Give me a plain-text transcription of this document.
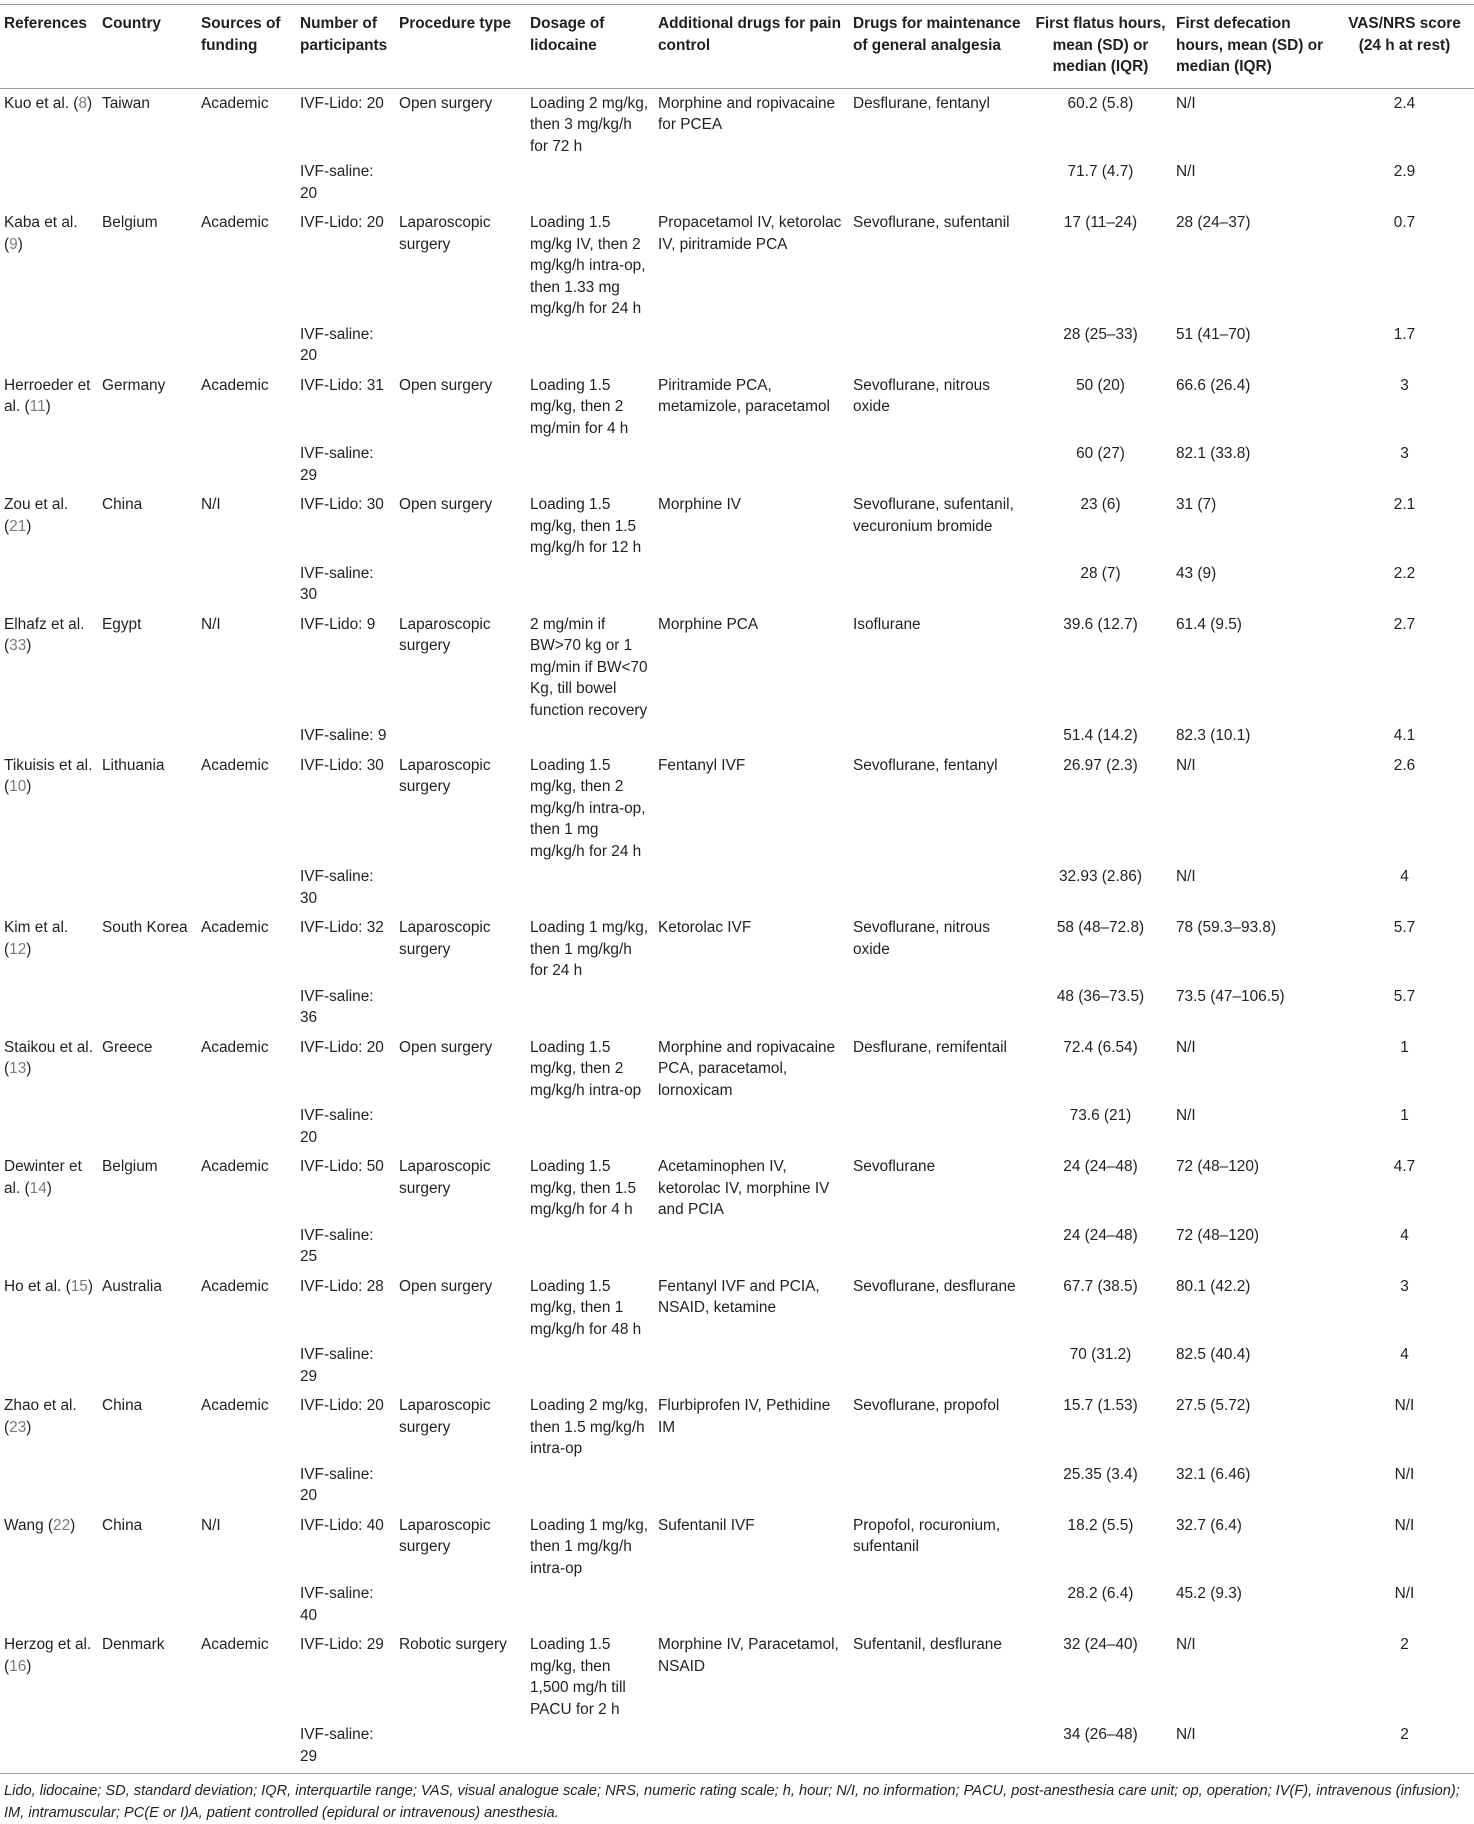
References	Country	Sources of funding	Number of participants	Procedure type	Dosage of lidocaine	Additional drugs for pain control	Drugs for maintenance of general analgesia	First flatus hours, mean (SD) or median (IQR)	First defecation hours, mean (SD) or median (IQR)	VAS/NRS score (24 h at rest)
Kuo et al. (8)	Taiwan	Academic	IVF-Lido: 20	Open surgery	Loading 2 mg/kg, then 3 mg/kg/h for 72 h	Morphine and ropivacaine for PCEA	Desflurane, fentanyl	60.2 (5.8)	N/I	2.4
			IVF-saline: 20					71.7 (4.7)	N/I	2.9
Kaba et al. (9)	Belgium	Academic	IVF-Lido: 20	Laparoscopic surgery	Loading 1.5 mg/kg IV, then 2 mg/kg/h intra-op, then 1.33 mg mg/kg/h for 24 h	Propacetamol IV, ketorolac IV, piritramide PCA	Sevoflurane, sufentanil	17 (11–24)	28 (24–37)	0.7
			IVF-saline: 20					28 (25–33)	51 (41–70)	1.7
Herroeder et al. (11)	Germany	Academic	IVF-Lido: 31	Open surgery	Loading 1.5 mg/kg, then 2 mg/min for 4 h	Piritramide PCA, metamizole, paracetamol	Sevoflurane, nitrous oxide	50 (20)	66.6 (26.4)	3
			IVF-saline: 29					60 (27)	82.1 (33.8)	3
Zou et al. (21)	China	N/I	IVF-Lido: 30	Open surgery	Loading 1.5 mg/kg, then 1.5 mg/kg/h for 12 h	Morphine IV	Sevoflurane, sufentanil, vecuronium bromide	23 (6)	31 (7)	2.1
			IVF-saline: 30					28 (7)	43 (9)	2.2
Elhafz et al. (33)	Egypt	N/I	IVF-Lido: 9	Laparoscopic surgery	2 mg/min if BW>70 kg or 1 mg/min if BW<70 Kg, till bowel function recovery	Morphine PCA	Isoflurane	39.6 (12.7)	61.4 (9.5)	2.7
			IVF-saline: 9					51.4 (14.2)	82.3 (10.1)	4.1
Tikuisis et al. (10)	Lithuania	Academic	IVF-Lido: 30	Laparoscopic surgery	Loading 1.5 mg/kg, then 2 mg/kg/h intra-op, then 1 mg mg/kg/h for 24 h	Fentanyl IVF	Sevoflurane, fentanyl	26.97 (2.3)	N/I	2.6
			IVF-saline: 30					32.93 (2.86)	N/I	4
Kim et al. (12)	South Korea	Academic	IVF-Lido: 32	Laparoscopic surgery	Loading 1 mg/kg, then 1 mg/kg/h for 24 h	Ketorolac IVF	Sevoflurane, nitrous oxide	58 (48–72.8)	78 (59.3–93.8)	5.7
			IVF-saline: 36					48 (36–73.5)	73.5 (47–106.5)	5.7
Staikou et al. (13)	Greece	Academic	IVF-Lido: 20	Open surgery	Loading 1.5 mg/kg, then 2 mg/kg/h intra-op	Morphine and ropivacaine PCA, paracetamol, lornoxicam	Desflurane, remifentail	72.4 (6.54)	N/I	1
			IVF-saline: 20					73.6 (21)	N/I	1
Dewinter et al. (14)	Belgium	Academic	IVF-Lido: 50	Laparoscopic surgery	Loading 1.5 mg/kg, then 1.5 mg/kg/h for 4 h	Acetaminophen IV, ketorolac IV, morphine IV and PCIA	Sevoflurane	24 (24–48)	72 (48–120)	4.7
			IVF-saline: 25					24 (24–48)	72 (48–120)	4
Ho et al. (15)	Australia	Academic	IVF-Lido: 28	Open surgery	Loading 1.5 mg/kg, then 1 mg/kg/h for 48 h	Fentanyl IVF and PCIA, NSAID, ketamine	Sevoflurane, desflurane	67.7 (38.5)	80.1 (42.2)	3
			IVF-saline: 29					70 (31.2)	82.5 (40.4)	4
Zhao et al. (23)	China	Academic	IVF-Lido: 20	Laparoscopic surgery	Loading 2 mg/kg, then 1.5 mg/kg/h intra-op	Flurbiprofen IV, Pethidine IM	Sevoflurane, propofol	15.7 (1.53)	27.5 (5.72)	N/I
			IVF-saline: 20					25.35 (3.4)	32.1 (6.46)	N/I
Wang (22)	China	N/I	IVF-Lido: 40	Laparoscopic surgery	Loading 1 mg/kg, then 1 mg/kg/h intra-op	Sufentanil IVF	Propofol, rocuronium, sufentanil	18.2 (5.5)	32.7 (6.4)	N/I
			IVF-saline: 40					28.2 (6.4)	45.2 (9.3)	N/I
Herzog et al. (16)	Denmark	Academic	IVF-Lido: 29	Robotic surgery	Loading 1.5 mg/kg, then 1,500 mg/h till PACU for 2 h	Morphine IV, Paracetamol, NSAID	Sufentanil, desflurane	32 (24–40)	N/I	2
			IVF-saline: 29					34 (26–48)	N/I	2
Lido, lidocaine; SD, standard deviation; IQR, interquartile range; VAS, visual analogue scale; NRS, numeric rating scale; h, hour; N/I, no information; PACU, post-anesthesia care unit; op, operation; IV(F), intravenous (infusion); IM, intramuscular; PC(E or I)A, patient controlled (epidural or intravenous) anesthesia.
